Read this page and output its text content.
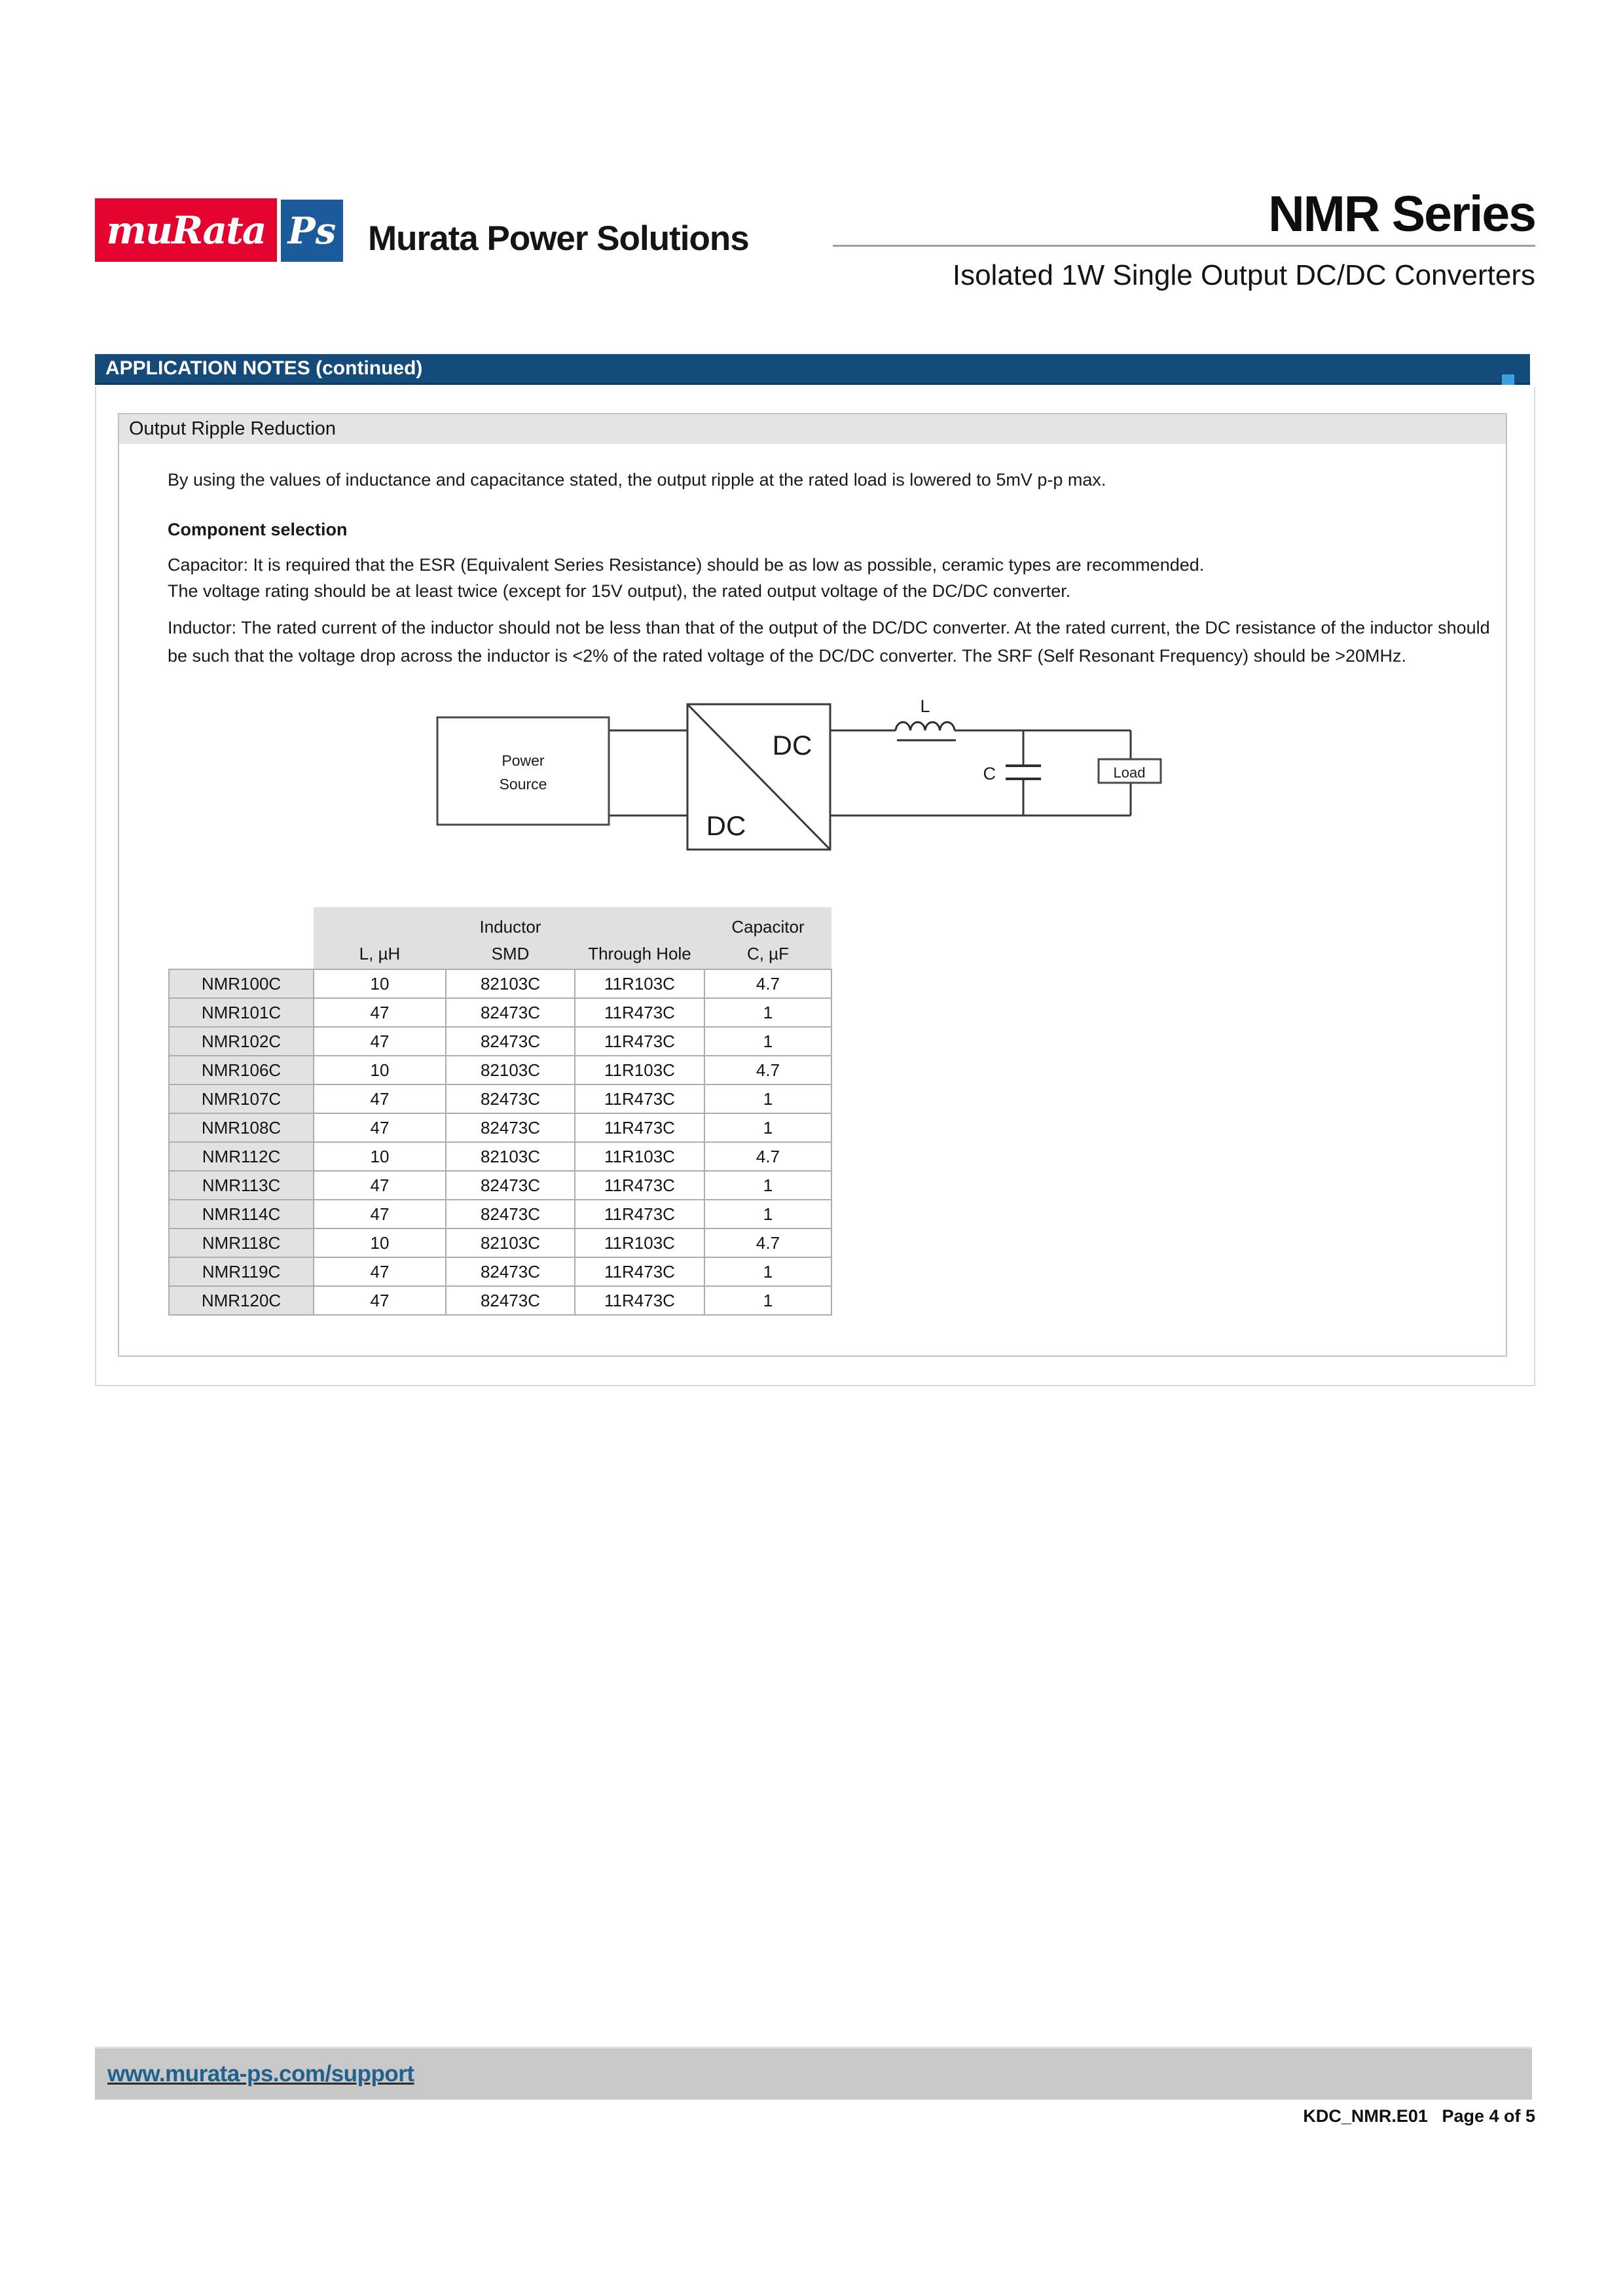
muRata Ps Murata Power Solutions	NMR Series
Isolated 1W Single Output DC/DC Converters
APPLICATION NOTES (continued)
Output Ripple Reduction
By using the values of inductance and capacitance stated, the output ripple at the rated load is lowered to 5mV p-p max.
Component selection
Capacitor: It is required that the ESR (Equivalent Series Resistance) should be as low as possible, ceramic types are recommended.
The voltage rating should be at least twice (except for 15V output), the rated output voltage of the DC/DC converter.
Inductor: The rated current of the inductor should not be less than that of the output of the DC/DC converter. At the rated current, the DC resistance of the inductor should be such that the voltage drop across the inductor is <2% of the rated voltage of the DC/DC converter. The SRF (Self Resonant Frequency) should be >20MHz.
Power
Source
DC
DC
L
C	Load
		Inductor		Capacitor
	L, µH	SMD	Through Hole	C, µF
NMR100C	10	82103C	11R103C	4.7
NMR101C	47	82473C	11R473C	1
NMR102C	47	82473C	11R473C	1
NMR106C	10	82103C	11R103C	4.7
NMR107C	47	82473C	11R473C	1
NMR108C	47	82473C	11R473C	1
NMR112C	10	82103C	11R103C	4.7
NMR113C	47	82473C	11R473C	1
NMR114C	47	82473C	11R473C	1
NMR118C	10	82103C	11R103C	4.7
NMR119C	47	82473C	11R473C	1
NMR120C	47	82473C	11R473C	1
www.murata-ps.com/support
KDC_NMR.E01 Page 4 of 5
